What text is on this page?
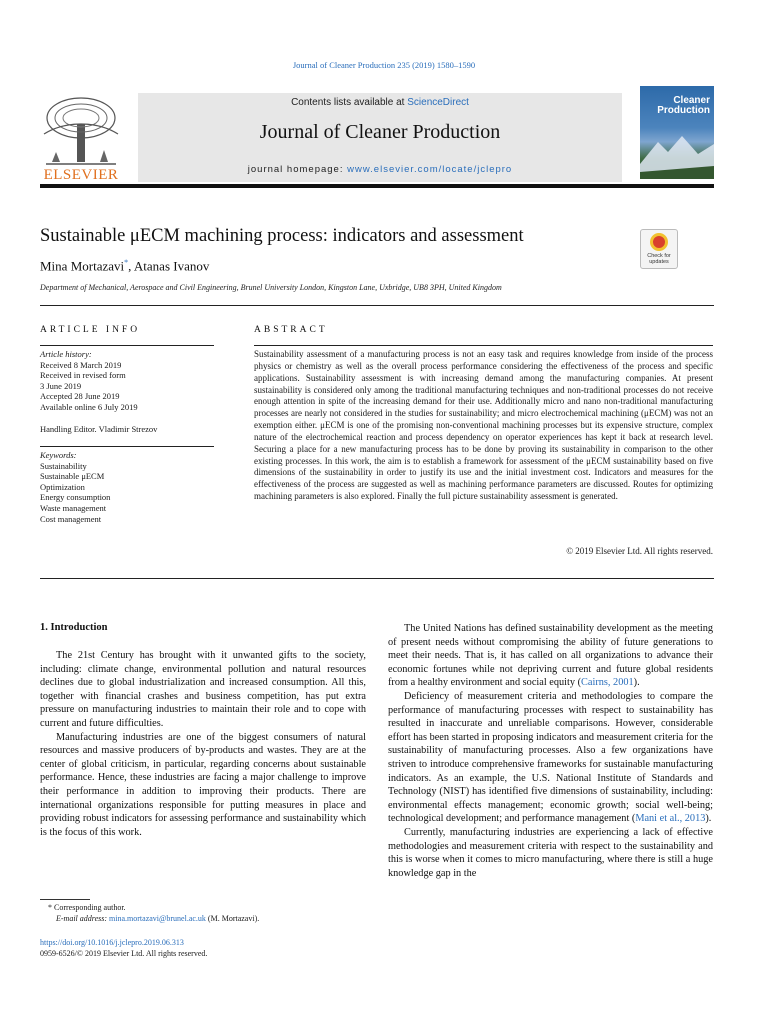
Journal of Cleaner Production 235 (2019) 1580–1590
ELSEVIER
Contents lists available at ScienceDirect
Journal of Cleaner Production
journal homepage: www.elsevier.com/locate/jclepro
Cleaner
Production
Sustainable μECM machining process: indicators and assessment
Mina Mortazavi*, Atanas Ivanov
Department of Mechanical, Aerospace and Civil Engineering, Brunel University London, Kingston Lane, Uxbridge, UB8 3PH, United Kingdom
Check for updates
ARTICLE INFO
Article history:
Received 8 March 2019
Received in revised form
3 June 2019
Accepted 28 June 2019
Available online 6 July 2019
Handling Editor. Vladimir Strezov
Keywords:
Sustainability
Sustainable μECM
Optimization
Energy consumption
Waste management
Cost management
ABSTRACT
Sustainability assessment of a manufacturing process is not an easy task and requires knowledge from inside of the process physics or chemistry as well as the overall process performance considering the effectiveness of the process and specific applications. Sustainability assessment is with increasing demand among the manufacturing companies. At present sustainability is considered only among the traditional manufacturing techniques and non-traditional processes do not receive enough attention in spite of the increasing demand for their use. Additionally micro and nano non-traditional manufacturing processes are nearly not considered in the studies for sustainability; and micro electrochemical machining (μECM) was not an exemption either. μECM is one of the promising non-conventional machining processes but its expensive structure, complex nature of the electrochemical reaction and process dependency on operator experiences has kept it back at research level. Securing a place for a new manufacturing process has to be done by proving its sustainability in comparison to the other existing processes. In this work, the aim is to establish a framework for assessment of the μECM sustainability based on five dimensions of the sustainability in order to justify its use and the initial investment cost. Indicators and measures for the effectiveness of the process are suggested as well as machining performance parameters are discussed. Routes for optimizing machining parameters is also explored. Finally the full picture sustainability assessment is generated.
© 2019 Elsevier Ltd. All rights reserved.
1. Introduction

The 21st Century has brought with it unwanted gifts to the society, including: climate change, environmental pollution and natural resources declines due to global industrialization and increased consumption. All this, together with financial crashes and business competition, has put extra pressure on manufacturing industries to maintain their role and to cope with current and future difficulties.

Manufacturing industries are one of the biggest consumers of natural resources and massive producers of by-products and wastes. They are at the center of global criticism, in particular, regarding concerns about sustainable performance. Hence, these industries are facing a major challenge to improve their performance in addition to improving their products. There are international organizations responsible for putting measures in place and providing robust indicators for assessing performance and sustainability which is the focus of this work.

The United Nations has defined sustainability development as the meeting of present needs without compromising the ability of future generations to meet their needs. That is, it has called on all organizations to advance their economic fortunes while not depriving current and future global residents from a healthy environment and social equity (Cairns, 2001).

Deficiency of measurement criteria and methodologies to compare the performance of manufacturing processes with respect to sustainability has resulted in inaccurate and unreliable comparisons. However, considerable effort has been started in proposing indicators and measurement criteria for the sustainability of manufacturing processes. Also a few organizations have striven to introduce comprehensive frameworks for sustainable manufacturing indicators. As an example, the U.S. National Institute of Standards and Technology (NIST) has identified five dimensions of sustainability, including: environmental effects management; economic growth; social well-being; technological development; and performance management (Mani et al., 2013).

Currently, manufacturing industries are experiencing a lack of effective methodologies and measurement criteria with respect to the sustainability and this is worse when it comes to micro manufacturing, where there is still a huge knowledge gap in the

* Corresponding author.
E-mail address: mina.mortazavi@brunel.ac.uk (M. Mortazavi).
https://doi.org/10.1016/j.jclepro.2019.06.313
0959-6526/© 2019 Elsevier Ltd. All rights reserved.
